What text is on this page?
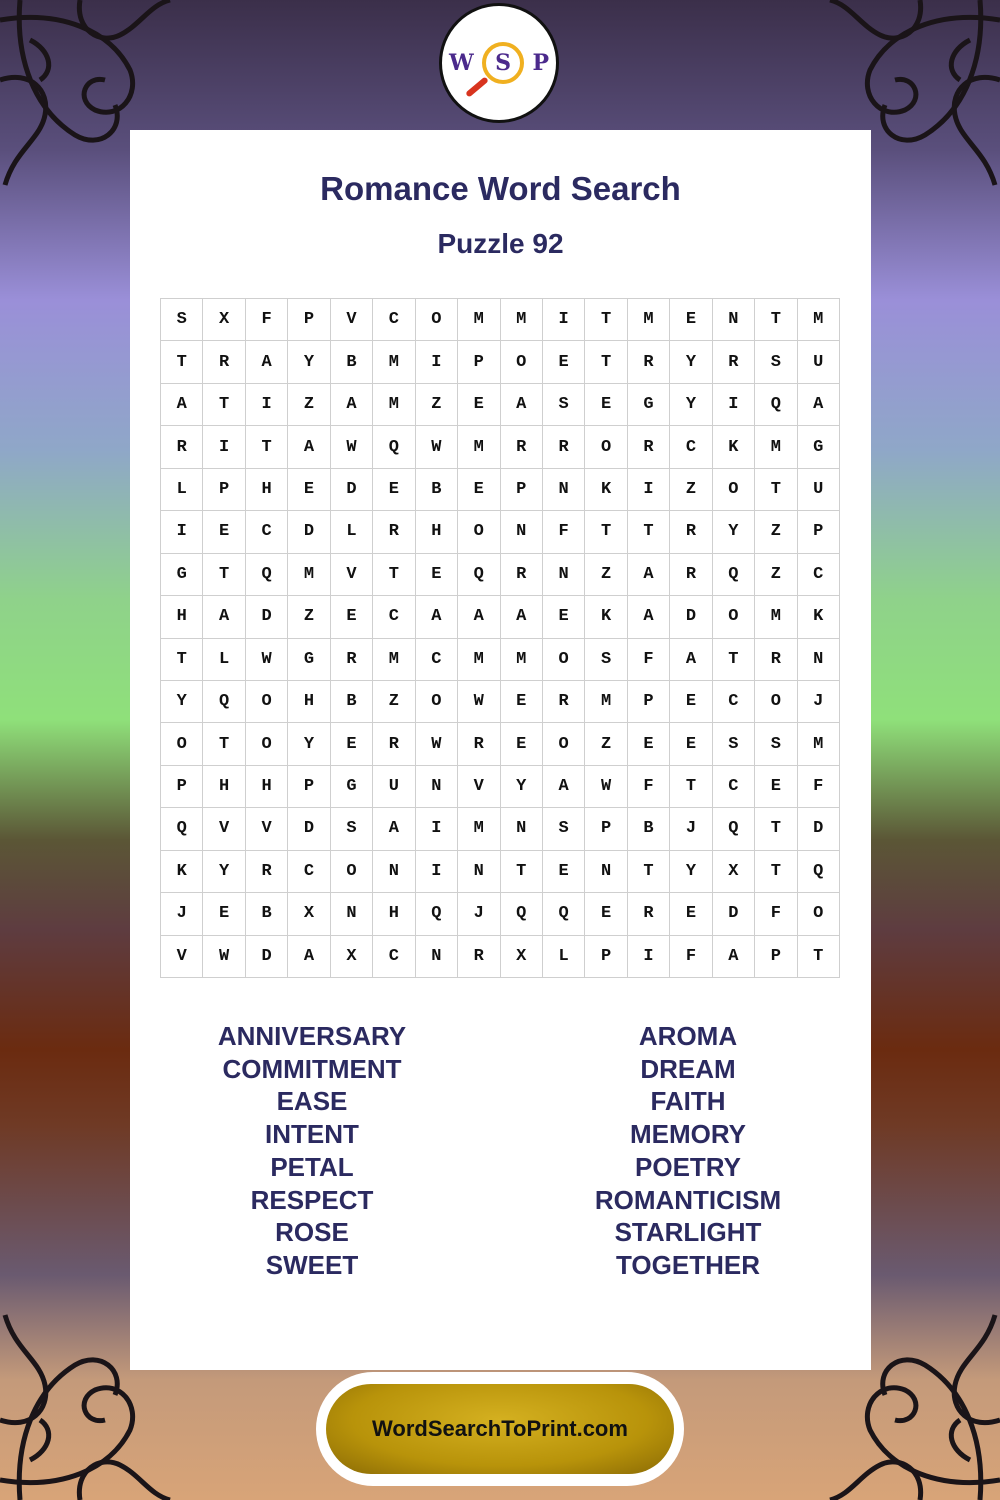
W S P
Romance Word Search
Puzzle 92
S	X	F	P	V	C	O	M	M	I	T	M	E	N	T	M
T	R	A	Y	B	M	I	P	O	E	T	R	Y	R	S	U
A	T	I	Z	A	M	Z	E	A	S	E	G	Y	I	Q	A
R	I	T	A	W	Q	W	M	R	R	O	R	C	K	M	G
L	P	H	E	D	E	B	E	P	N	K	I	Z	O	T	U
I	E	C	D	L	R	H	O	N	F	T	T	R	Y	Z	P
G	T	Q	M	V	T	E	Q	R	N	Z	A	R	Q	Z	C
H	A	D	Z	E	C	A	A	A	E	K	A	D	O	M	K
T	L	W	G	R	M	C	M	M	O	S	F	A	T	R	N
Y	Q	O	H	B	Z	O	W	E	R	M	P	E	C	O	J
O	T	O	Y	E	R	W	R	E	O	Z	E	E	S	S	M
P	H	H	P	G	U	N	V	Y	A	W	F	T	C	E	F
Q	V	V	D	S	A	I	M	N	S	P	B	J	Q	T	D
K	Y	R	C	O	N	I	N	T	E	N	T	Y	X	T	Q
J	E	B	X	N	H	Q	J	Q	Q	E	R	E	D	F	O
V	W	D	A	X	C	N	R	X	L	P	I	F	A	P	T
ANNIVERSARY
COMMITMENT
EASE
INTENT
PETAL
RESPECT
ROSE
SWEET
AROMA
DREAM
FAITH
MEMORY
POETRY
ROMANTICISM
STARLIGHT
TOGETHER
WordSearchToPrint.com
